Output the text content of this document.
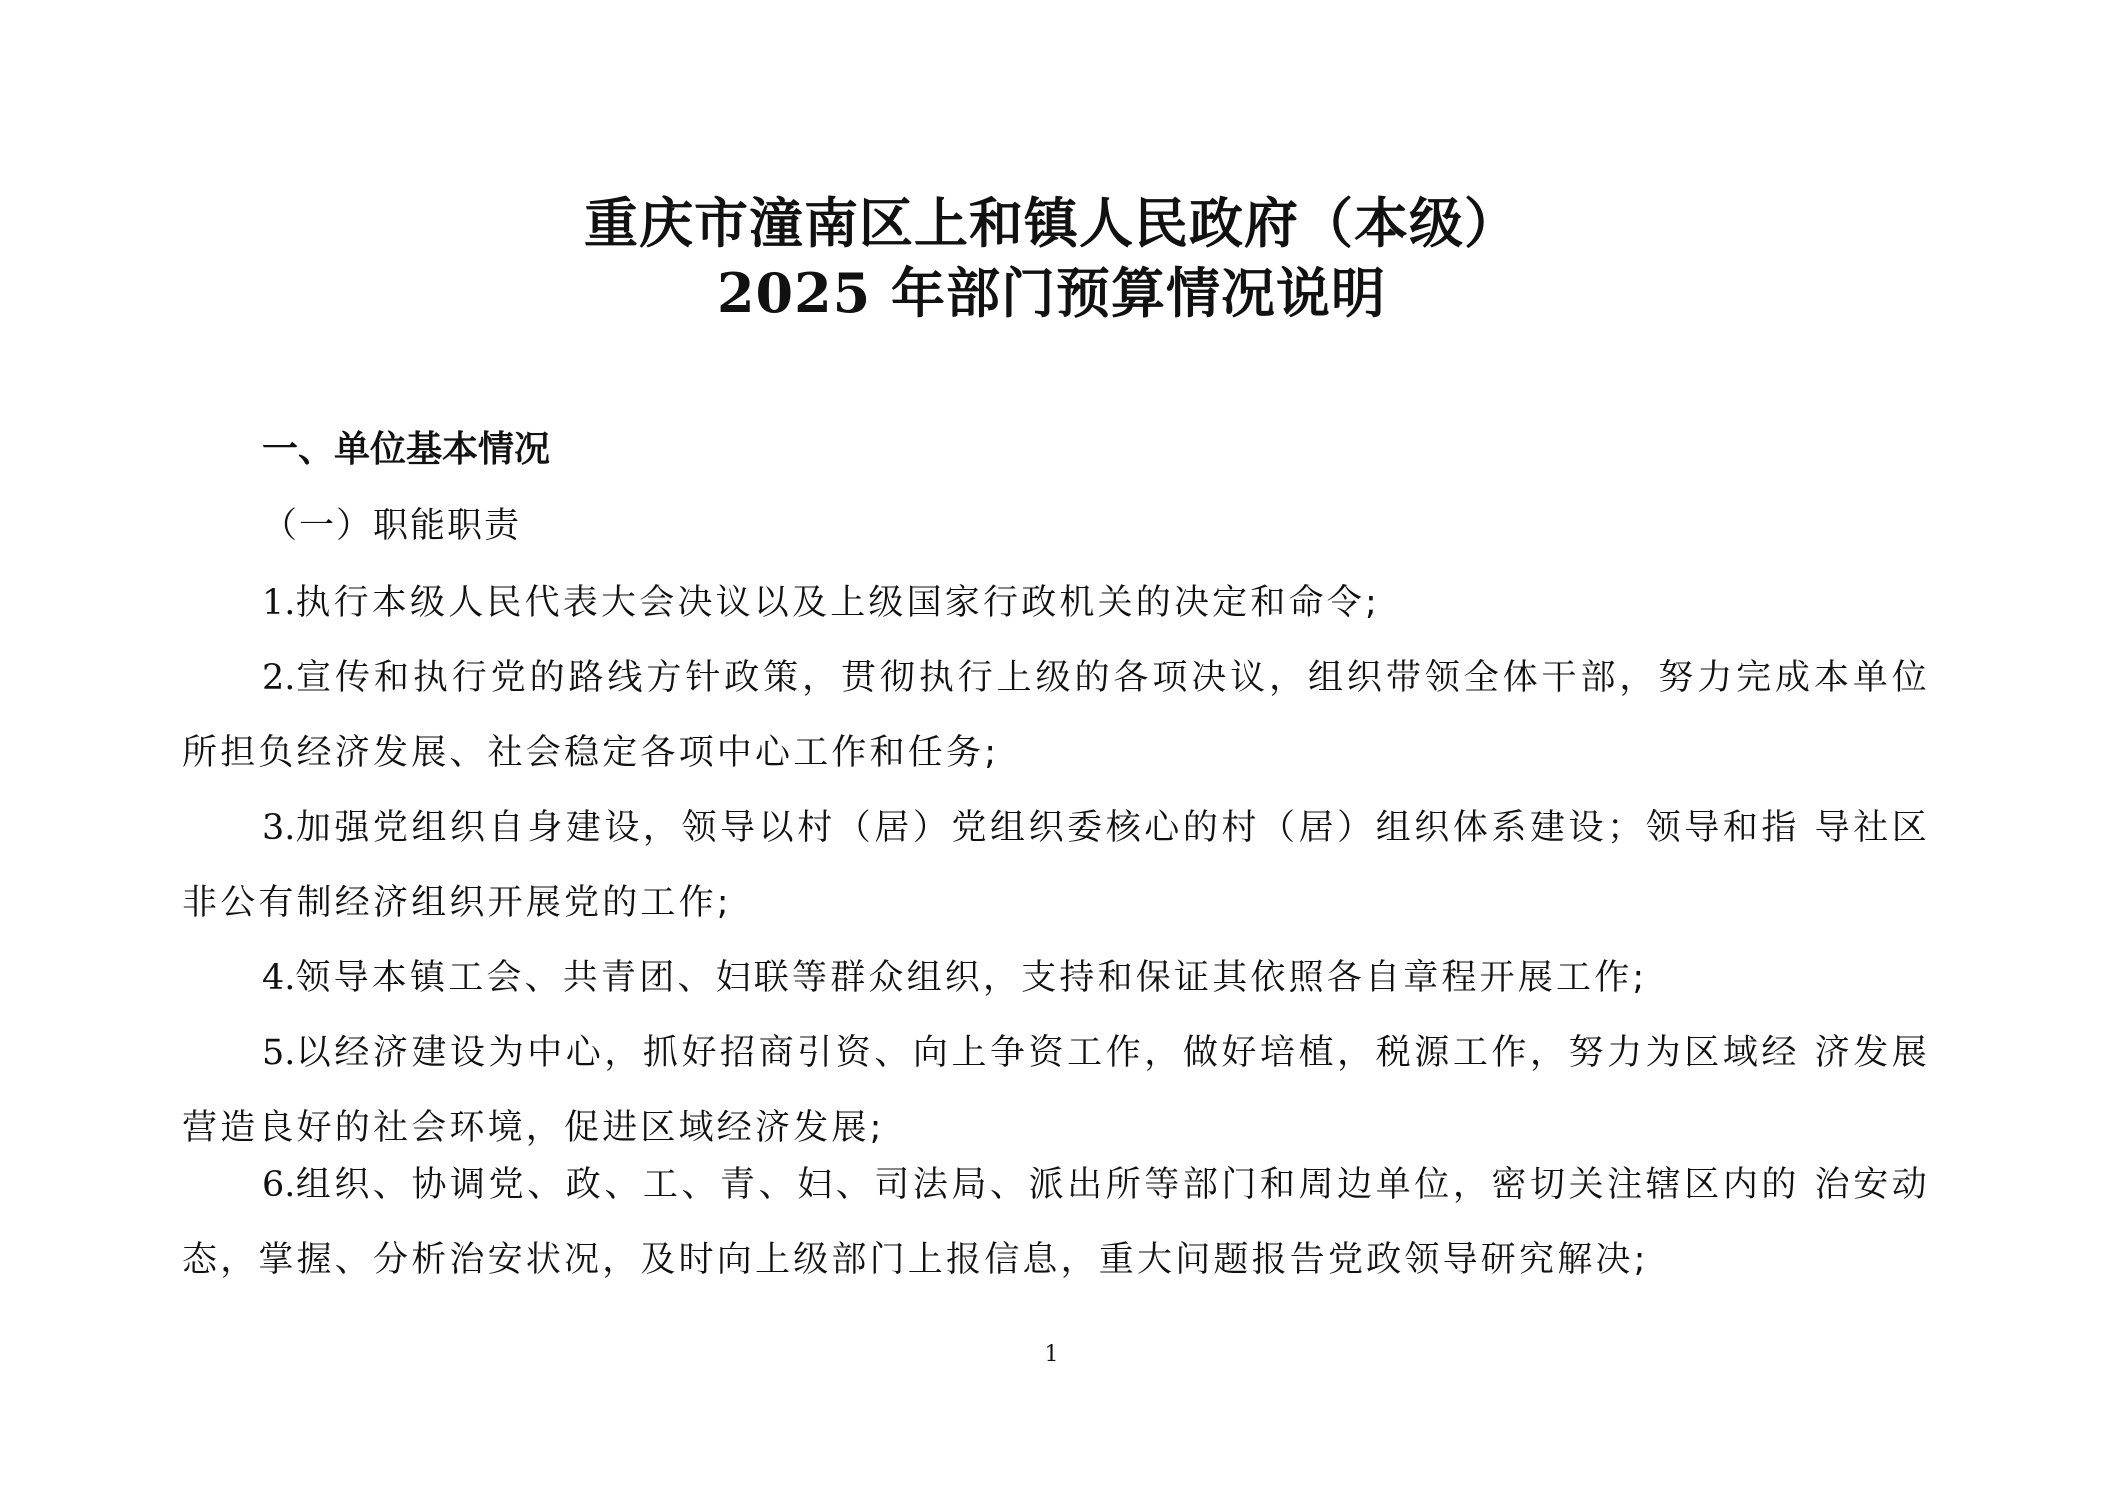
重庆市潼南区上和镇人民政府（本级）
2025 年部门预算情况说明
一、单位基本情况
（一）职能职责
1.执行本级人民代表大会决议以及上级国家行政机关的决定和命令;
2.宣传和执行党的路线方针政策，贯彻执行上级的各项决议，组织带领全体干部，努力完成本单位所担负经济发展、社会稳定各项中心工作和任务;
3.加强党组织自身建设，领导以村（居）党组织委核心的村（居）组织体系建设；领导和指 导社区非公有制经济组织开展党的工作;
4.领导本镇工会、共青团、妇联等群众组织，支持和保证其依照各自章程开展工作;
5.以经济建设为中心，抓好招商引资、向上争资工作，做好培植，税源工作，努力为区域经 济发展营造良好的社会环境，促进区域经济发展;
6.组织、协调党、政、工、青、妇、司法局、派出所等部门和周边单位，密切关注辖区内的 治安动态，掌握、分析治安状况，及时向上级部门上报信息，重大问题报告党政领导研究解决;
1
